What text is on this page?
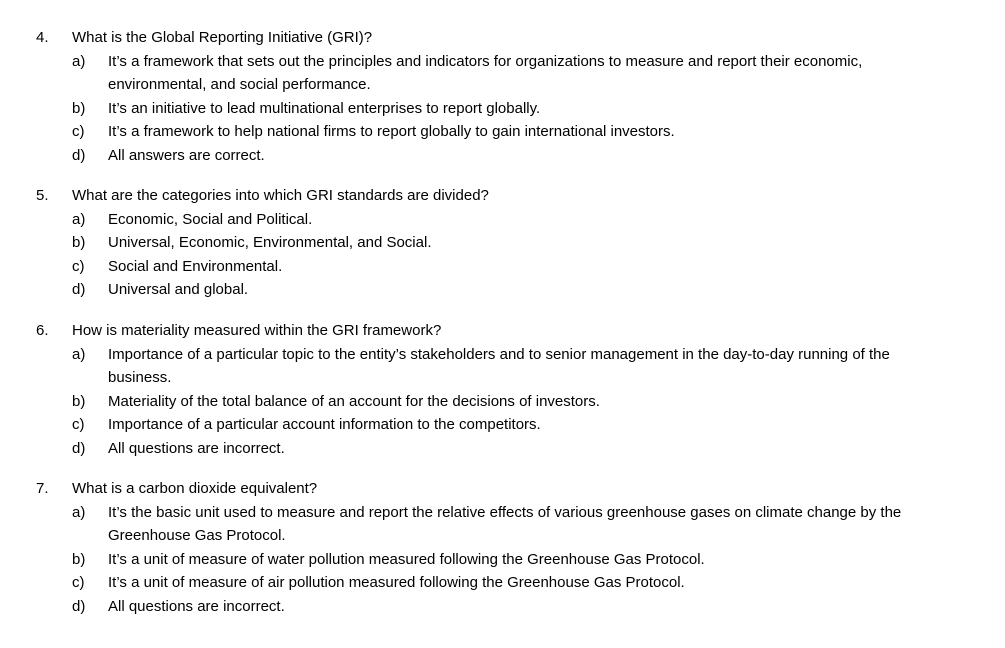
4. What is the Global Reporting Initiative (GRI)?
a) It’s a framework that sets out the principles and indicators for organizations to measure and report their economic, environmental, and social performance.
b) It’s an initiative to lead multinational enterprises to report globally.
c) It’s a framework to help national firms to report globally to gain international investors.
d) All answers are correct.
5. What are the categories into which GRI standards are divided?
a) Economic, Social and Political.
b) Universal, Economic, Environmental, and Social.
c) Social and Environmental.
d) Universal and global.
6. How is materiality measured within the GRI framework?
a) Importance of a particular topic to the entity’s stakeholders and to senior management in the day-to-day running of the business.
b) Materiality of the total balance of an account for the decisions of investors.
c) Importance of a particular account information to the competitors.
d) All questions are incorrect.
7. What is a carbon dioxide equivalent?
a) It’s the basic unit used to measure and report the relative effects of various greenhouse gases on climate change by the Greenhouse Gas Protocol.
b) It’s a unit of measure of water pollution measured following the Greenhouse Gas Protocol.
c) It’s a unit of measure of air pollution measured following the Greenhouse Gas Protocol.
d) All questions are incorrect.
